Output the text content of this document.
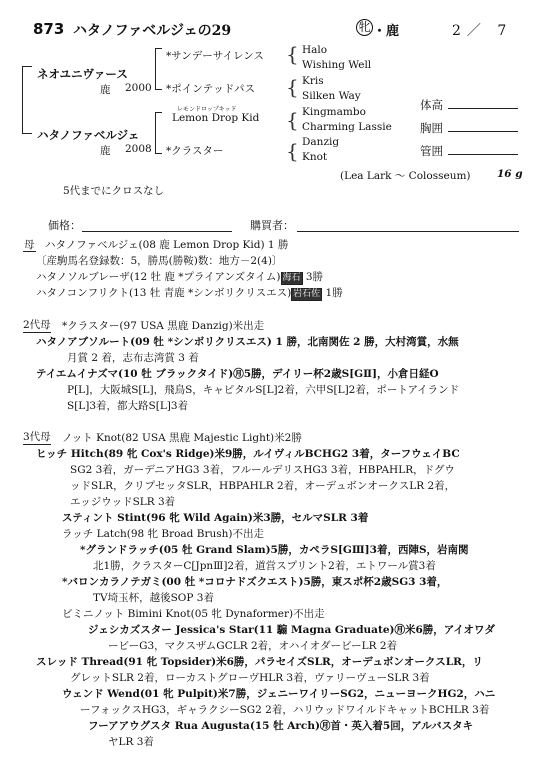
873 ハタノファベルジェの29	牝 ・鹿	2／ 7
ネオユニヴァース
鹿 2000
ハタノファベルジェ
鹿 2008
*サンデーサイレンス
*ポインテッドパス
レモンドロップキッド
Lemon Drop Kid
*クラスター
{
{
{
{
Halo
Wishing Well
Kris
Silken Way
Kingmambo
Charming Lassie
Danzig
Knot
(Lea Lark ～ Colosseum)	16 g
体高
胸囲
管囲
5代までにクロスなし
価格：	購買者：
母 ハタノファベルジェ(08 鹿 Lemon Drop Kid) 1 勝
〔産駒馬名登録数：5，勝馬(勝鞍)数：地方－2(4)〕
ハタノソルブレーザ(12 牡 鹿 *プライアンズタイム) 海石 3勝
ハタノコンフリクト(13 牡 青鹿 *シンボリクリスエス) 岩石佐 1勝
2代母 *クラスター(97 USA 黒鹿 Danzig)米出走
ハタノアブソルート(09 牡 *シンボリクリスエス) 1 勝，北南関佐 2 勝，大村湾賞，水無
月賞 2 着，志布志湾賞 3 着
テイエムイナズマ(10 牡 ブラックタイド)㊊5勝，デイリー杯2歳S[GⅡ]，小倉日経O
P[L]，大阪城S[L]，飛鳥S，キャピタルS[L]2着，六甲S[L]2着，ポートアイランド
S[L]3着，都大路S[L]3着
3代母 ノット Knot(82 USA 黒鹿 Majestic Light)米2勝
ヒッチ Hitch(89 牝 Cox's Ridge)米9勝，ルイヴィルBCHG2 3着，ターフウェイBC
SG2 3着，ガーデニアHG3 3着，フルールデリスHG3 3着，HBPAHLR，ドグウ
ッドSLR，クリプセッタSLR，HBPAHLR 2着，オーデュボンオークスLR 2着，
エッジウッドSLR 3着
スティント Stint(96 牝 Wild Again)米3勝，セルマSLR 3着
ラッチ Latch(98 牝 Broad Brush)不出走
*グランドラッチ(05 牡 Grand Slam)5勝，カペラS[GⅢ]3着，西陣S，岩南関
北1勝，クラスターC[JpnⅢ]2着，道営スプリント2着，エトワール賞3着
*バロンカラノテガミ(00 牡 *コロナドズクエスト)5勝，東スポ杯2歳SG3 3着，
TV埼玉杯，越後SOP 3着
ビミニノット Bimini Knot(05 牝 Dynaformer)不出走
ジェシカズスター Jessica's Star(11 騸 Magna Graduate)㊊米6勝，アイオワダ
ービーG3，マクスザムGCLR 2着，オハイオダービーLR 2着
スレッド Thread(91 牝 Topsider)米6勝，パラセイズSLR，オーデュボンオークスLR，リ
グレットSLR 2着，ローカストグローヴHLR 3着，ヴァリーヴューSLR 3着
ウェンド Wend(01 牝 Pulpit)米7勝，ジェニーワイリーSG2，ニューヨークHG2，ハニ
ーフォックスHG3，ギャラクシーSG2 2着，ハリウッドワイルドキャットBCHLR 3着
フーアアウグスタ Rua Augusta(15 牡 Arch)㊊首・英入着5回，アルバスタキ
ヤLR 3着
